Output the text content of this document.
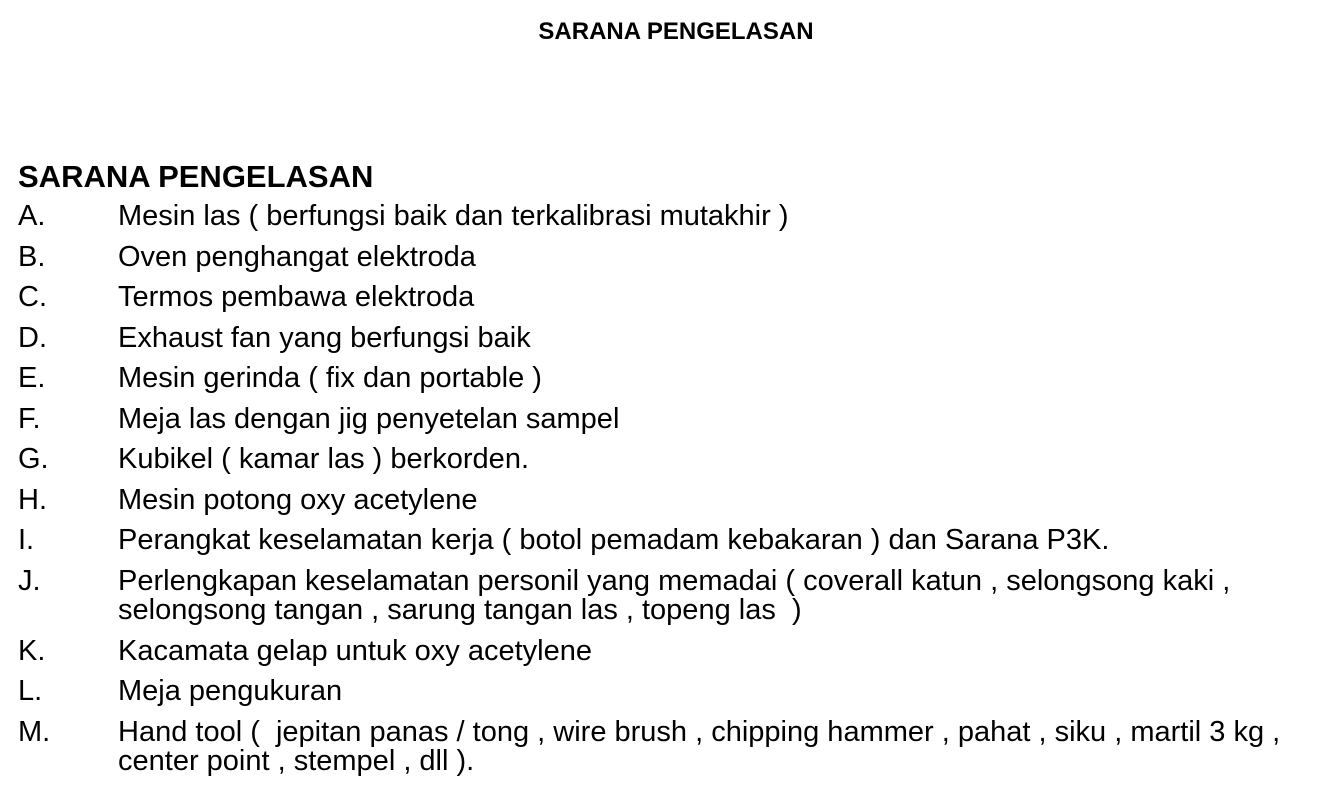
SARANA PENGELASAN
SARANA PENGELASAN
A.	Mesin las ( berfungsi baik dan terkalibrasi mutakhir )
B.	Oven penghangat elektroda
C.	Termos pembawa elektroda
D.	Exhaust fan yang berfungsi baik
E.	Mesin gerinda ( fix dan portable )
F.	Meja las dengan jig penyetelan sampel
G.	Kubikel ( kamar las ) berkorden.
H.	Mesin potong oxy acetylene
I.	Perangkat keselamatan kerja ( botol pemadam kebakaran ) dan Sarana P3K.
J.	Perlengkapan keselamatan personil yang memadai ( coverall katun , selongsong kaki , selongsong tangan , sarung tangan las , topeng las  )
K.	Kacamata gelap untuk oxy acetylene
L.	Meja pengukuran
M.	Hand tool (  jepitan panas / tong , wire brush , chipping hammer , pahat , siku , martil 3 kg , center point , stempel , dll ).
